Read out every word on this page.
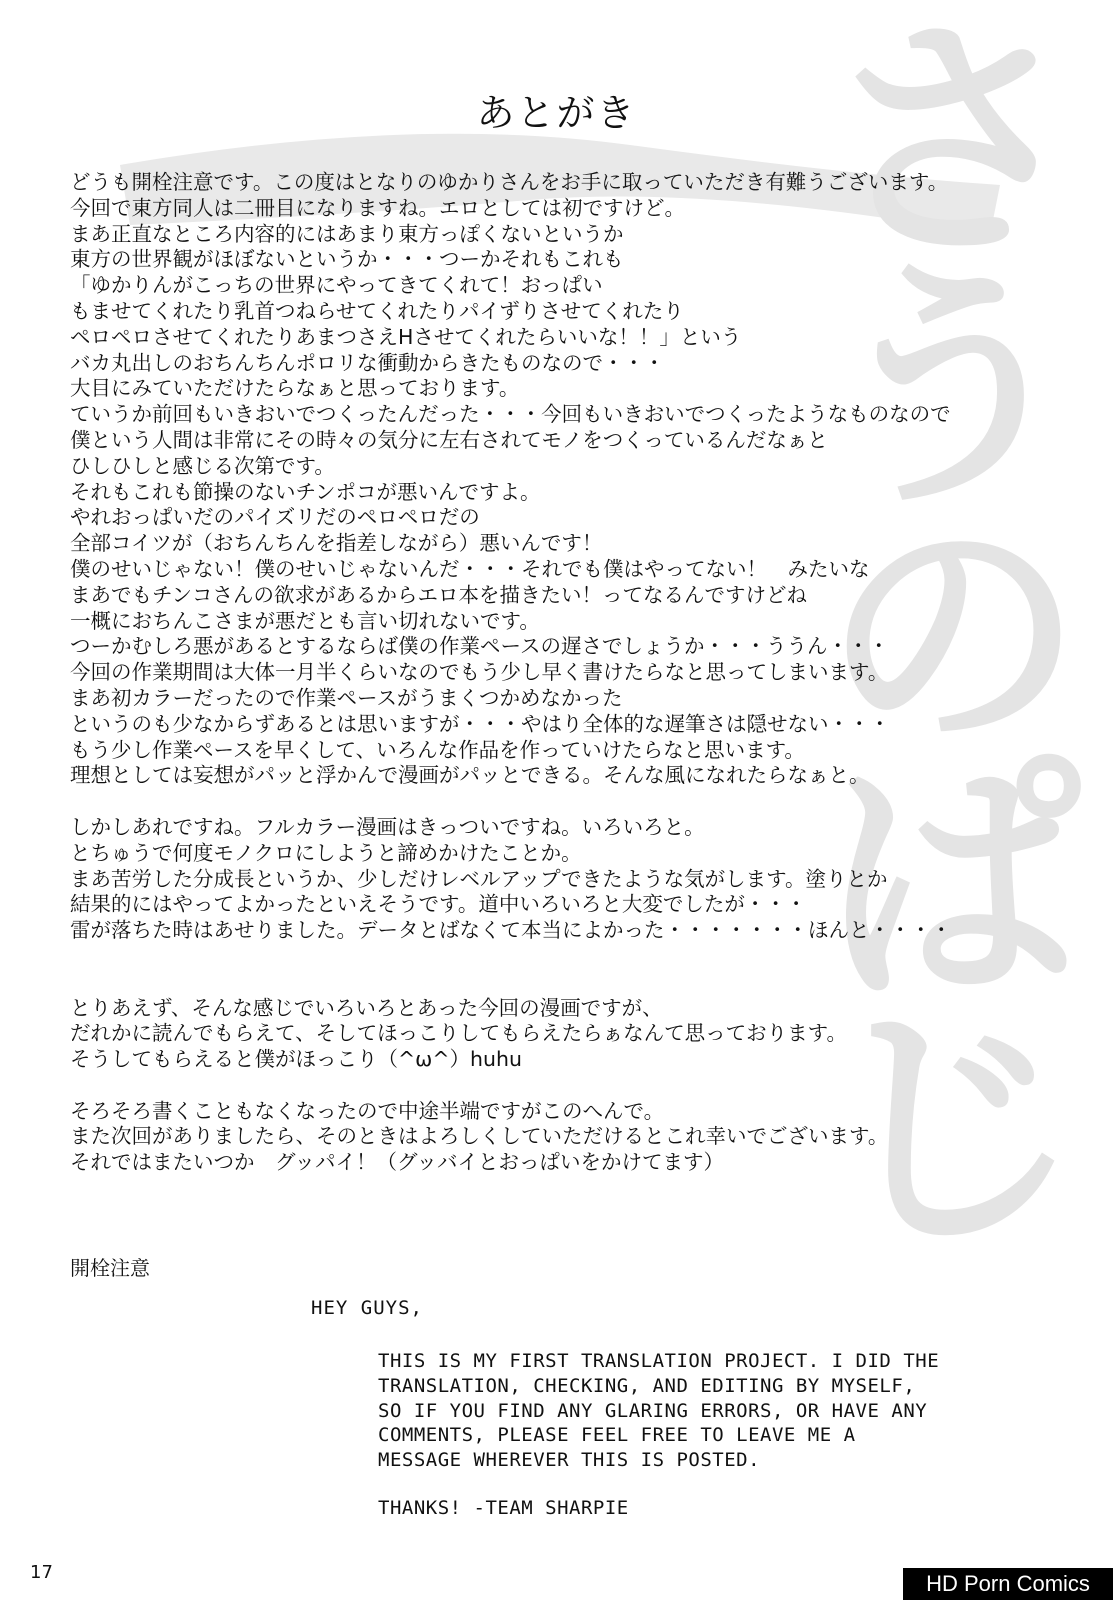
さ
う
の
ぱ
じ
あとがき
どうも開栓注意です。この度はとなりのゆかりさんをお手に取っていただき有難うございます。
今回で東方同人は二冊目になりますね。エロとしては初ですけど。
まあ正直なところ内容的にはあまり東方っぽくないというか
東方の世界観がほぼないというか・・・つーかそれもこれも
「ゆかりんがこっちの世界にやってきてくれて！おっぱい
もませてくれたり乳首つねらせてくれたりパイずりさせてくれたり
ペロペロさせてくれたりあまつさえHさせてくれたらいいな！！」という
バカ丸出しのおちんちんポロリな衝動からきたものなので・・・
大目にみていただけたらなぁと思っております。
ていうか前回もいきおいでつくったんだった・・・今回もいきおいでつくったようなものなので
僕という人間は非常にその時々の気分に左右されてモノをつくっているんだなぁと
ひしひしと感じる次第です。
それもこれも節操のないチンポコが悪いんですよ。
やれおっぱいだのパイズリだのペロペロだの
全部コイツが（おちんちんを指差しながら）悪いんです！
僕のせいじゃない！僕のせいじゃないんだ・・・それでも僕はやってない！　みたいな
まあでもチンコさんの欲求があるからエロ本を描きたい！ってなるんですけどね
一概におちんこさまが悪だとも言い切れないです。
つーかむしろ悪があるとするならば僕の作業ペースの遅さでしょうか・・・ううん・・・
今回の作業期間は大体一月半くらいなのでもう少し早く書けたらなと思ってしまいます。
まあ初カラーだったので作業ペースがうまくつかめなかった
というのも少なからずあるとは思いますが・・・やはり全体的な遅筆さは隠せない・・・
もう少し作業ペースを早くして、いろんな作品を作っていけたらなと思います。
理想としては妄想がパッと浮かんで漫画がパッとできる。そんな風になれたらなぁと。
しかしあれですね。フルカラー漫画はきっついですね。いろいろと。
とちゅうで何度モノクロにしようと諦めかけたことか。
まあ苦労した分成長というか、少しだけレベルアップできたような気がします。塗りとか
結果的にはやってよかったといえそうです。道中いろいろと大変でしたが・・・
雷が落ちた時はあせりました。データとばなくて本当によかった・・・・・・・ほんと・・・・
とりあえず、そんな感じでいろいろとあった今回の漫画ですが、
だれかに読んでもらえて、そしてほっこりしてもらえたらぁなんて思っております。
そうしてもらえると僕がほっこり（^ω^）huhu
そろそろ書くこともなくなったので中途半端ですがこのへんで。
また次回がありましたら、そのときはよろしくしていただけるとこれ幸いでございます。
それではまたいつか　グッパイ！（グッバイとおっぱいをかけてます）
開栓注意
HEY GUYS,
THIS IS MY FIRST TRANSLATION PROJECT. I DID THE
TRANSLATION, CHECKING, AND EDITING BY MYSELF,
SO IF YOU FIND ANY GLARING ERRORS, OR HAVE ANY
COMMENTS, PLEASE FEEL FREE TO LEAVE ME A
MESSAGE WHEREVER THIS IS POSTED.
THANKS! -TEAM SHARPIE
17	HD Porn Comics
